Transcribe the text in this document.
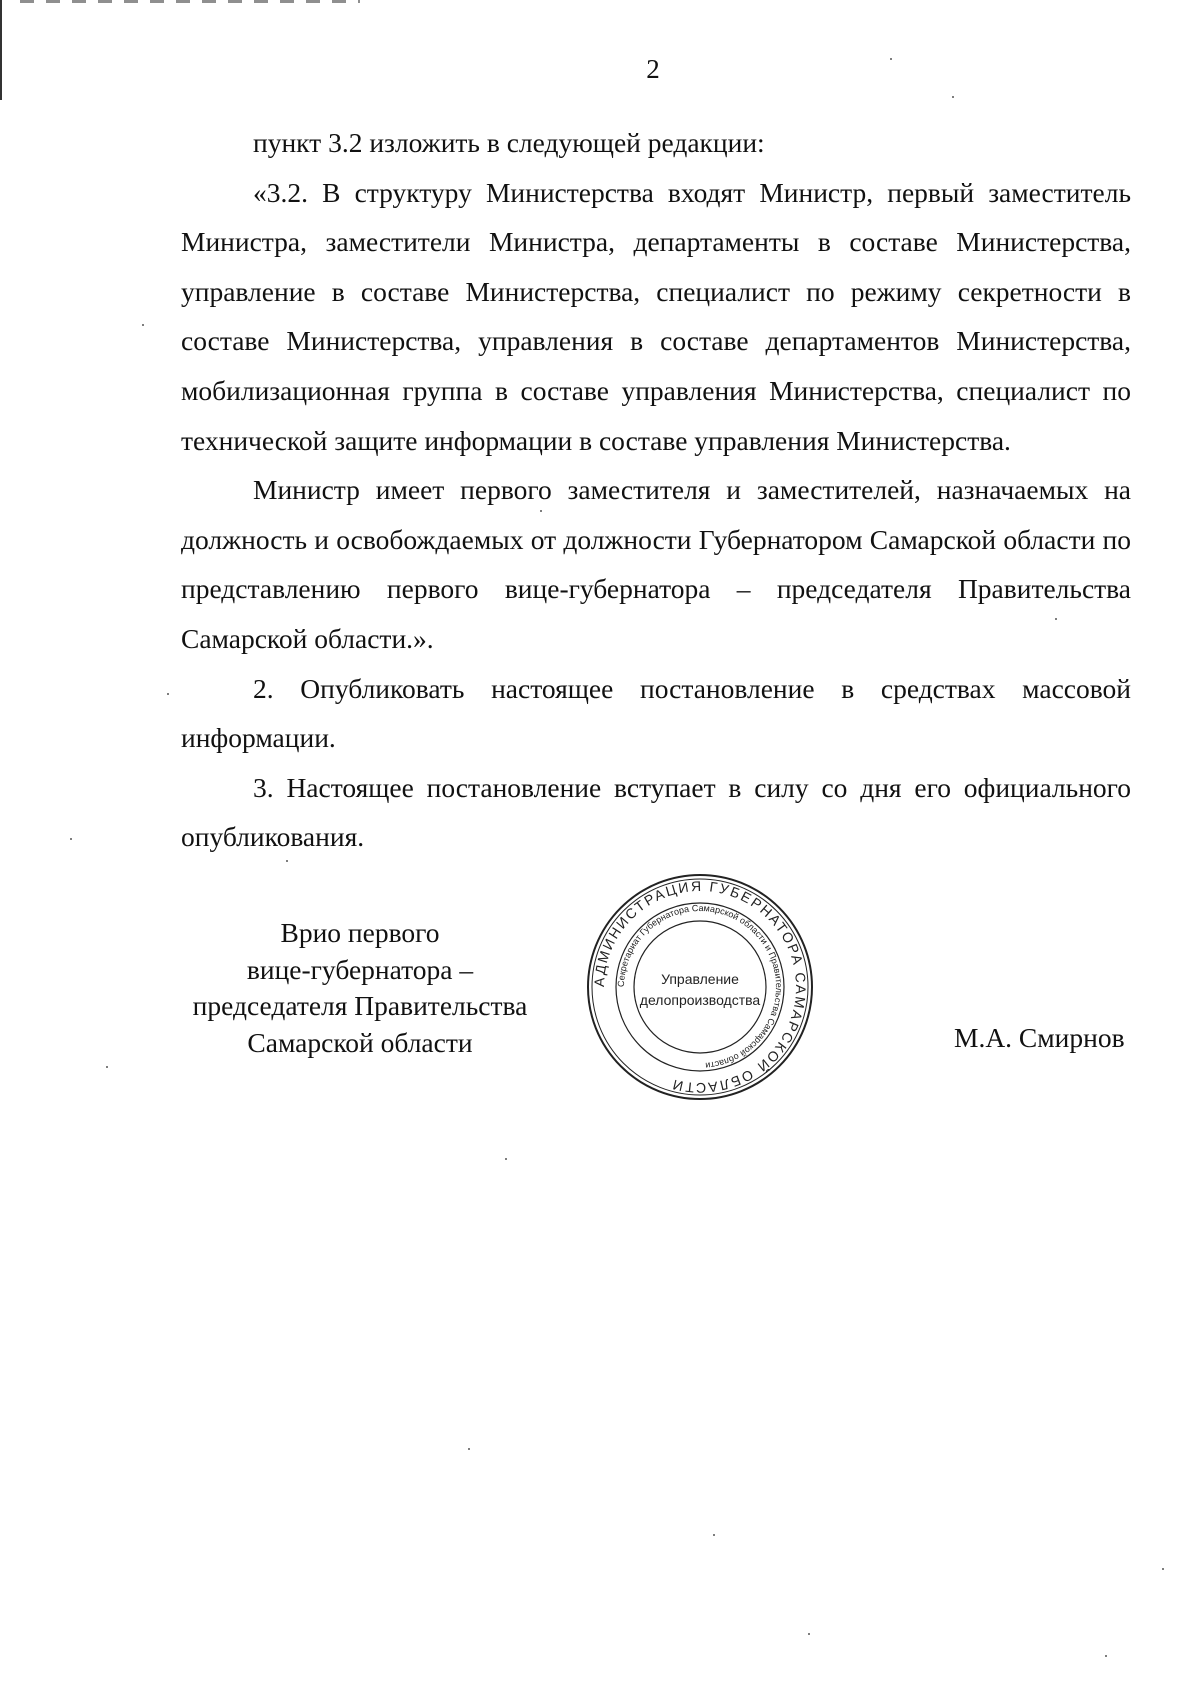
2

пункт 3.2 изложить в следующей редакции:

«3.2. В структуру Министерства входят Министр, первый заместитель Министра, заместители Министра, департаменты в составе Министерства, управление в составе Министерства, специалист по режиму секретности в составе Министерства, управления в составе департаментов Министерства, мобилизационная группа в составе управления Министерства, специалист по технической защите информации в составе управления Министерства.

Министр имеет первого заместителя и заместителей, назначаемых на должность и освобождаемых от должности Губернатором Самарской области по представлению первого вице-губернатора – председателя Правительства Самарской области.».

2. Опубликовать настоящее постановление в средствах массовой информации.

3. Настоящее постановление вступает в силу со дня его официального опубликования.

Врио первого
вице-губернатора –
председателя Правительства
Самарской области
АДМИНИСТРАЦИЯ ГУБЕРНАТОРА САМАРСКОЙ ОБЛАСТИ
Секретариат Губернатора Самарской области и Правительства Самарской области
Управление
делопроизводства
М.А. Смирнов
